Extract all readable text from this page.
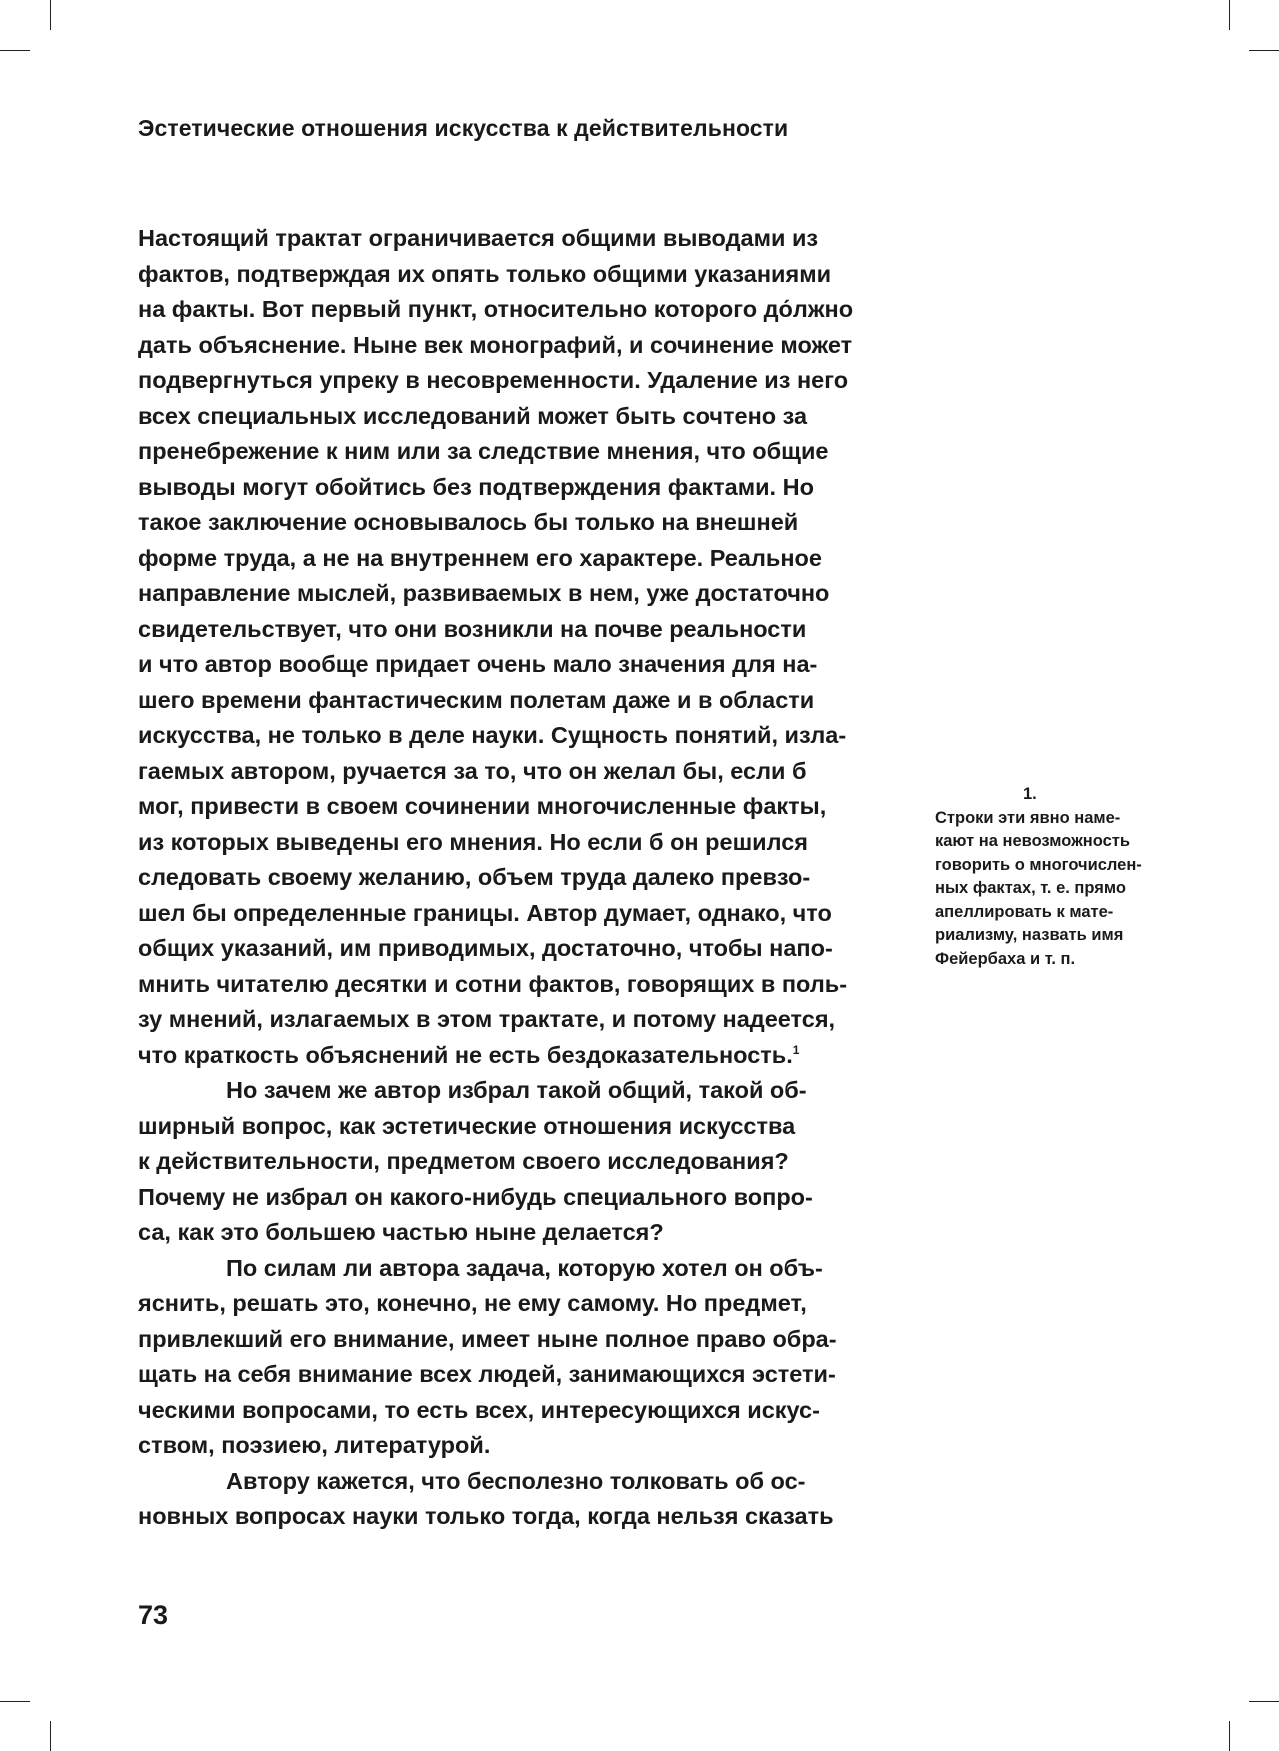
Эстетические отношения искусства к действительности
Настоящий трактат ограничивается общими выводами из
фактов, подтверждая их опять только общими указаниями
на факты. Вот первый пункт, относительно которого до́лжно
дать объяснение. Ныне век монографий, и сочинение может
подвергнуться упреку в несовременности. Удаление из него
всех специальных исследований может быть сочтено за
пренебрежение к ним или за следствие мнения, что общие
выводы могут обойтись без подтверждения фактами. Но
такое заключение основывалось бы только на внешней
форме труда, а не на внутреннем его характере. Реальное
направление мыслей, развиваемых в нем, уже достаточно
свидетельствует, что они возникли на почве реальности
и что автор вообще придает очень мало значения для на-
шего времени фантастическим полетам даже и в области
искусства, не только в деле науки. Сущность понятий, изла-
гаемых автором, ручается за то, что он желал бы, если б
мог, привести в своем сочинении многочисленные факты,
из которых выведены его мнения. Но если б он решился
следовать своему желанию, объем труда далеко превзо-
шел бы определенные границы. Автор думает, однако, что
общих указаний, им приводимых, достаточно, чтобы напо-
мнить читателю десятки и сотни фактов, говорящих в поль-
зу мнений, излагаемых в этом трактате, и потому надеется,
что краткость объяснений не есть бездоказательность.$^1$
Но зачем же автор избрал такой общий, такой об-
ширный вопрос, как эстетические отношения искусства
к действительности, предметом своего исследования?
Почему не избрал он какого-нибудь специального вопро-
са, как это большею частью ныне делается?
По силам ли автора задача, которую хотел он объ-
яснить, решать это, конечно, не ему самому. Но предмет,
привлекший его внимание, имеет ныне полное право обра-
щать на себя внимание всех людей, занимающихся эстети-
ческими вопросами, то есть всех, интересующихся искус-
ством, поэзиею, литературой.
Автору кажется, что бесполезно толковать об ос-
новных вопросах науки только тогда, когда нельзя сказать
1.
Строки эти явно наме-
кают на невозможность
говорить о многочислен-
ных фактах, т. е. прямо
апеллировать к мате-
риализму, назвать имя
Фейербаха и т. п.
73
